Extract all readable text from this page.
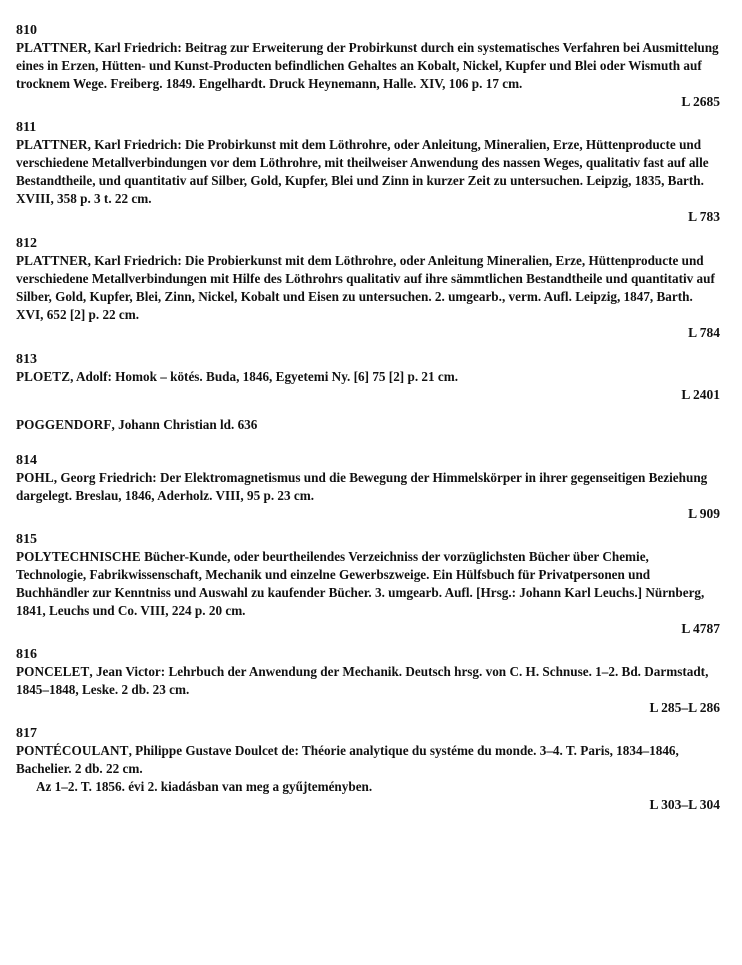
810
PLATTNER, Karl Friedrich: Beitrag zur Erweiterung der Probirkunst durch ein systematisches Verfahren bei Ausmittelung eines in Erzen, Hütten- und Kunst-Producten befindlichen Gehaltes an Kobalt, Nickel, Kupfer und Blei oder Wismuth auf trocknem Wege. Freiberg. 1849. Engelhardt. Druck Heynemann, Halle. XIV, 106 p. 17 cm.
L 2685
811
PLATTNER, Karl Friedrich: Die Probirkunst mit dem Löthrohre, oder Anleitung, Mineralien, Erze, Hüttenproducte und verschiedene Metallverbindungen vor dem Löthrohre, mit theilweiser Anwendung des nassen Weges, qualitativ fast auf alle Bestandtheile, und quantitativ auf Silber, Gold, Kupfer, Blei und Zinn in kurzer Zeit zu untersuchen. Leipzig, 1835, Barth. XVIII, 358 p. 3 t. 22 cm.
L 783
812
PLATTNER, Karl Friedrich: Die Probierkunst mit dem Löthrohre, oder Anleitung Mineralien, Erze, Hüttenproducte und verschiedene Metallverbindungen mit Hilfe des Löthrohrs qualitativ auf ihre sämmtlichen Bestandtheile und quantitativ auf Silber, Gold, Kupfer, Blei, Zinn, Nickel, Kobalt und Eisen zu untersuchen. 2. umgearb., verm. Aufl. Leipzig, 1847, Barth. XVI, 652 [2] p. 22 cm.
L 784
813
PLOETZ, Adolf: Homok – kötés. Buda, 1846, Egyetemi Ny. [6] 75 [2] p. 21 cm.
L 2401
POGGENDORF, Johann Christian ld. 636
814
POHL, Georg Friedrich: Der Elektromagnetismus und die Bewegung der Himmelskörper in ihrer gegenseitigen Beziehung dargelegt. Breslau, 1846, Aderholz. VIII, 95 p. 23 cm.
L 909
815
POLYTECHNISCHE Bücher-Kunde, oder beurtheilendes Verzeichniss der vorzüglichsten Bücher über Chemie, Technologie, Fabrikwissenschaft, Mechanik und einzelne Gewerbszweige. Ein Hülfsbuch für Privatpersonen und Buchhändler zur Kenntniss und Auswahl zu kaufender Bücher. 3. umgearb. Aufl. [Hrsg.: Johann Karl Leuchs.] Nürnberg, 1841, Leuchs und Co. VIII, 224 p. 20 cm.
L 4787
816
PONCELET, Jean Victor: Lehrbuch der Anwendung der Mechanik. Deutsch hrsg. von C. H. Schnuse. 1–2. Bd. Darmstadt, 1845–1848, Leske. 2 db. 23 cm.
L 285–L 286
817
PONTÉCOULANT, Philippe Gustave Doulcet de: Théorie analytique du systéme du monde. 3–4. T. Paris, 1834–1846, Bachelier. 2 db. 22 cm.
Az 1–2. T. 1856. évi 2. kiadásban van meg a gyűjteményben.
L 303–L 304
